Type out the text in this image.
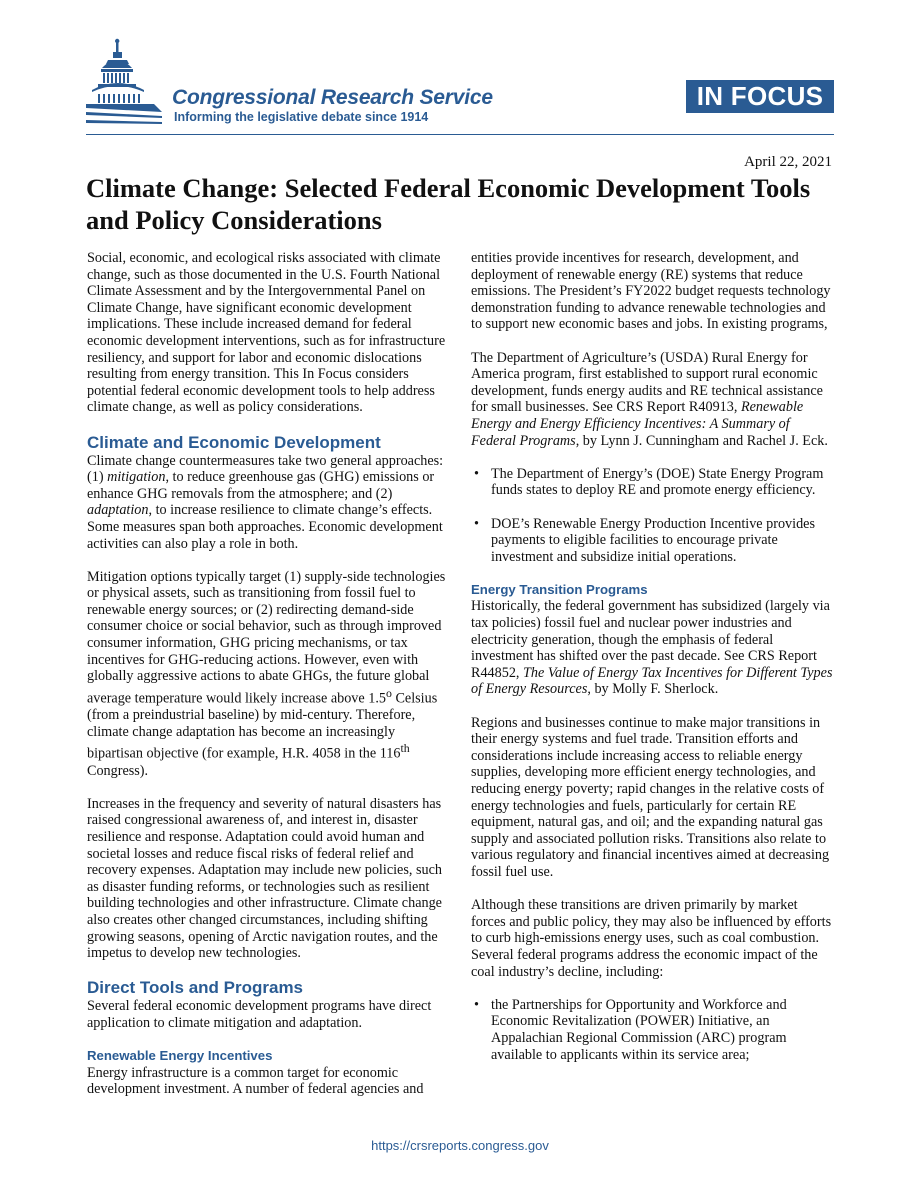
Congressional Research Service
Informing the legislative debate since 1914
IN FOCUS
April 22, 2021
Climate Change: Selected Federal Economic Development Tools
and Policy Considerations

Social, economic, and ecological risks associated with climate change, such as those documented in the U.S. Fourth National Climate Assessment and by the Intergovernmental Panel on Climate Change, have significant economic development implications. These include increased demand for federal economic development interventions, such as for infrastructure resiliency, and support for labor and economic dislocations resulting from energy transition. This In Focus considers potential federal economic development tools to help address climate change, as well as policy considerations.

Climate and Economic Development

Climate change countermeasures take two general approaches: (1) mitigation, to reduce greenhouse gas (GHG) emissions or enhance GHG removals from the atmosphere; and (2) adaptation, to increase resilience to climate change’s effects. Some measures span both approaches. Economic development activities can also play a role in both.

Mitigation options typically target (1) supply-side technologies or physical assets, such as transitioning from fossil fuel to renewable energy sources; or (2) redirecting demand-side consumer choice or social behavior, such as through improved consumer information, GHG pricing mechanisms, or tax incentives for GHG-reducing actions. However, even with globally aggressive actions to abate GHGs, the future global average temperature would likely increase above 1.5$^o$ Celsius (from a preindustrial baseline) by mid-century. Therefore, climate change adaptation has become an increasingly bipartisan objective (for example, H.R. 4058 in the 116th Congress).

Increases in the frequency and severity of natural disasters has raised congressional awareness of, and interest in, disaster resilience and response. Adaptation could avoid human and societal losses and reduce fiscal risks of federal relief and recovery expenses. Adaptation may include new policies, such as disaster funding reforms, or technologies such as resilient building technologies and other infrastructure. Climate change also creates other changed circumstances, including shifting growing seasons, opening of Arctic navigation routes, and the impetus to develop new technologies.

Direct Tools and Programs

Several federal economic development programs have direct application to climate mitigation and adaptation.

Renewable Energy Incentives

Energy infrastructure is a common target for economic development investment. A number of federal agencies and

entities provide incentives for research, development, and deployment of renewable energy (RE) systems that reduce emissions. The President’s FY2022 budget requests technology demonstration funding to advance renewable technologies and to support new economic bases and jobs. In existing programs,

The Department of Agriculture’s (USDA) Rural Energy for America program, first established to support rural economic development, funds energy audits and RE technical assistance for small businesses. See CRS Report R40913, Renewable Energy and Energy Efficiency Incentives: A Summary of Federal Programs, by Lynn J. Cunningham and Rachel J. Eck.

• The Department of Energy’s (DOE) State Energy Program funds states to deploy RE and promote energy efficiency.
• DOE’s Renewable Energy Production Incentive provides payments to eligible facilities to encourage private investment and subsidize initial operations.
Energy Transition Programs

Historically, the federal government has subsidized (largely via tax policies) fossil fuel and nuclear power industries and electricity generation, though the emphasis of federal investment has shifted over the past decade. See CRS Report R44852, The Value of Energy Tax Incentives for Different Types of Energy Resources, by Molly F. Sherlock.

Regions and businesses continue to make major transitions in their energy systems and fuel trade. Transition efforts and considerations include increasing access to reliable energy supplies, developing more efficient energy technologies, and reducing energy poverty; rapid changes in the relative costs of energy technologies and fuels, particularly for certain RE equipment, natural gas, and oil; and the expanding natural gas supply and associated pollution risks. Transitions also relate to various regulatory and financial incentives aimed at decreasing fossil fuel use.

Although these transitions are driven primarily by market forces and public policy, they may also be influenced by efforts to curb high-emissions energy uses, such as coal combustion. Several federal programs address the economic impact of the coal industry’s decline, including:

• the Partnerships for Opportunity and Workforce and Economic Revitalization (POWER) Initiative, an Appalachian Regional Commission (ARC) program available to applicants within its service area;
https://crsreports.congress.gov
